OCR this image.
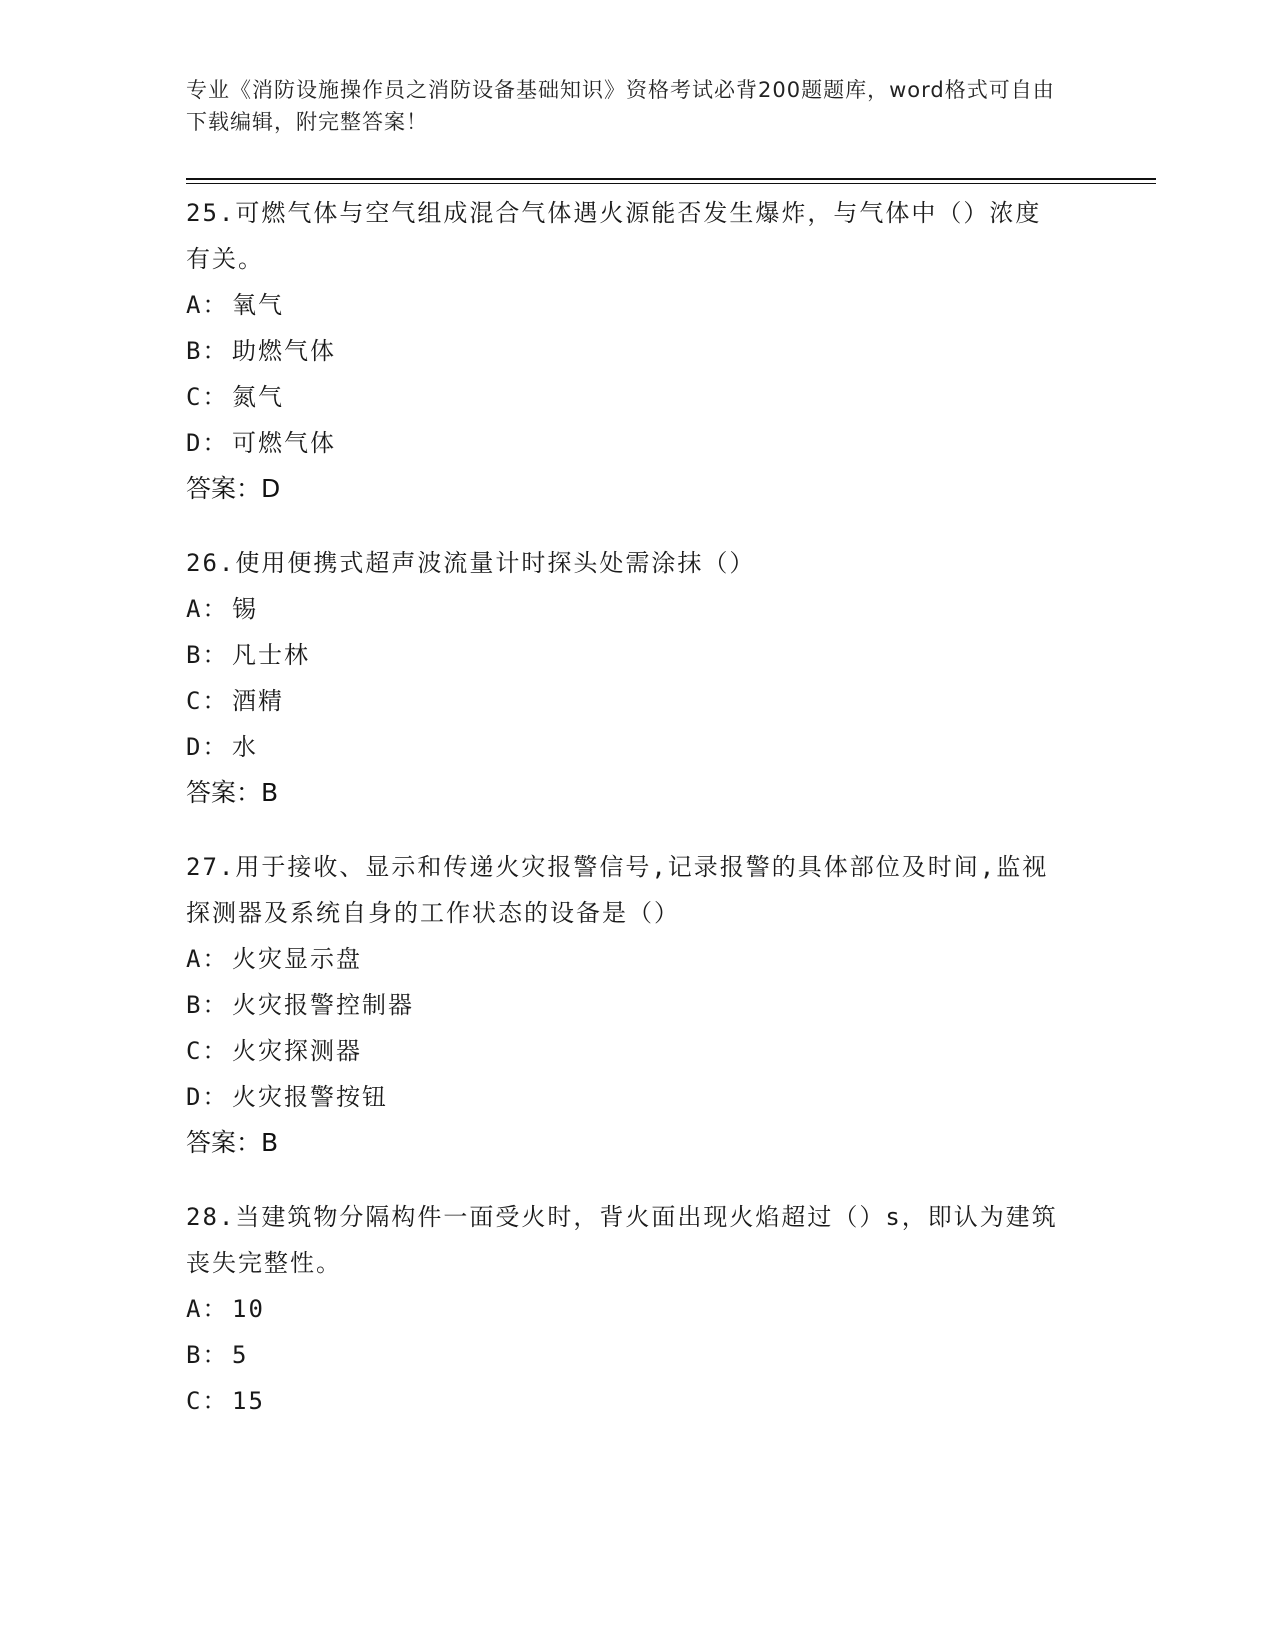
专业《消防设施操作员之消防设备基础知识》资格考试必背200题题库，word格式可自由下载编辑，附完整答案！
25.可燃气体与空气组成混合气体遇火源能否发生爆炸，与气体中（）浓度有关。
A： 氧气
B： 助燃气体
C： 氮气
D： 可燃气体
答案：D
26.使用便携式超声波流量计时探头处需涂抹（）
A： 锡
B： 凡士林
C： 酒精
D： 水
答案：B
27.用于接收、显示和传递火灾报警信号,记录报警的具体部位及时间,监视探测器及系统自身的工作状态的设备是（）
A： 火灾显示盘
B： 火灾报警控制器
C： 火灾探测器
D： 火灾报警按钮
答案：B
28.当建筑物分隔构件一面受火时，背火面出现火焰超过（）s，即认为建筑丧失完整性。
A： 10
B： 5
C： 15
